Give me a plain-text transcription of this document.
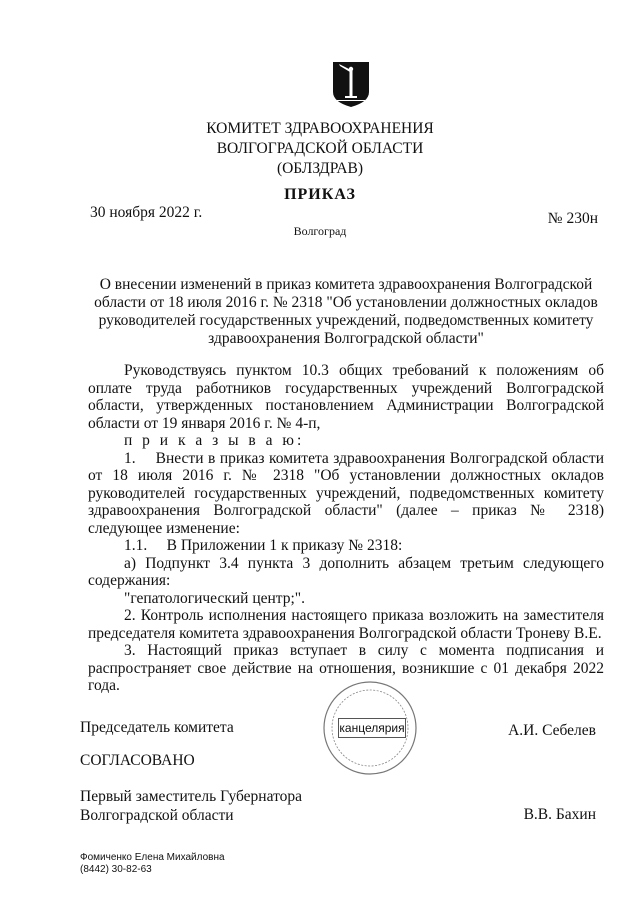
КОМИТЕТ ЗДРАВООХРАНЕНИЯ
ВОЛГОГРАДСКОЙ ОБЛАСТИ
(ОБЛЗДРАВ)
ПРИКАЗ
30 ноября 2022 г.	№ 230н
Волгоград
О внесении изменений в приказ комитета здравоохранения Волгоградской области от 18 июля 2016 г. № 2318 "Об установлении должностных окладов руководителей государственных учреждений, подведомственных комитету здравоохранения Волгоградской области"

Руководствуясь пунктом 10.3 общих требований к положениям об оплате труда работников государственных учреждений Волгоградской области, утвержденных постановлением Администрации Волгоградской области от 19 января 2016 г. № 4-п,

п р и к а з ы в а ю:

1.  Внести в приказ комитета здравоохранения Волгоградской области от 18 июля 2016 г. № 2318 "Об установлении должностных окладов руководителей государственных учреждений, подведомственных комитету здравоохранения Волгоградской области" (далее – приказ № 2318) следующее изменение:

1.1.  В Приложении 1 к приказу № 2318:

а) Подпункт 3.4 пункта 3 дополнить абзацем третьим следующего содержания:

"гепатологический центр;".

2. Контроль исполнения настоящего приказа возложить на заместителя председателя комитета здравоохранения Волгоградской области Троневу В.Е.

3. Настоящий приказ вступает в силу с момента подписания и распространяет свое действие на отношения, возникшие с 01 декабря 2022 года.

канцелярия
Председатель комитета	А.И. Себелев
СОГЛАСОВАНО
Первый заместитель Губернатора
Волгоградской области	В.В. Бахин
Фомиченко Елена Михайловна
(8442) 30-82-63
